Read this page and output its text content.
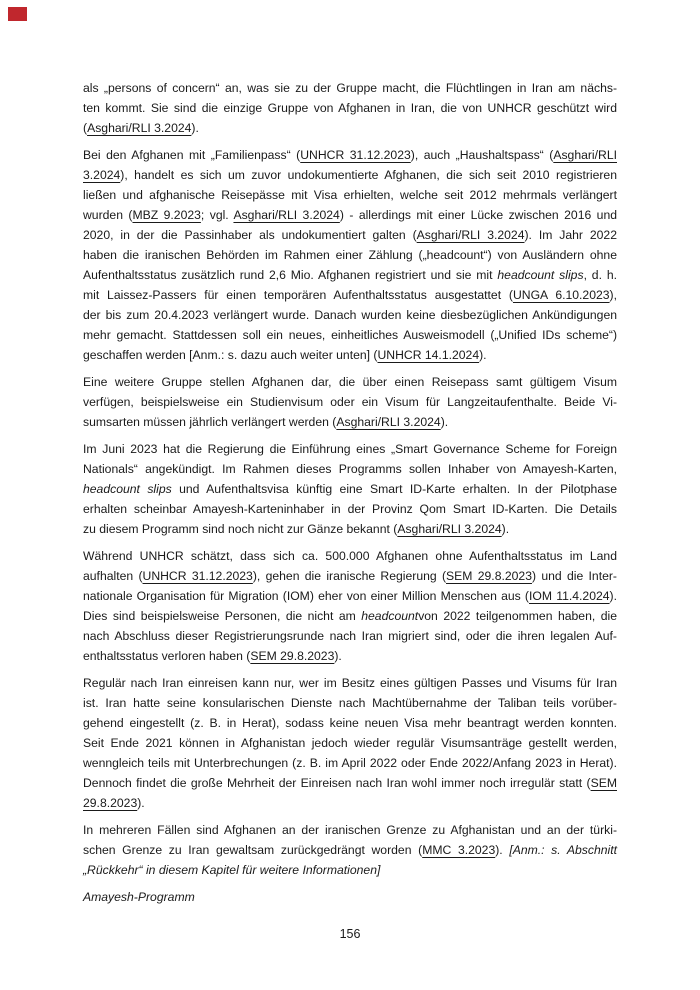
als „persons of concern“ an, was sie zu der Gruppe macht, die Flüchtlingen in Iran am nächs-
ten kommt. Sie sind die einzige Gruppe von Afghanen in Iran, die von UNHCR geschützt wird
(Asghari/RLI 3.2024).
Bei den Afghanen mit „Familienpass“ (UNHCR 31.12.2023), auch „Haushaltspass“ (Asghari/RLI
3.2024), handelt es sich um zuvor undokumentierte Afghanen, die sich seit 2010 registrieren
ließen und afghanische Reisepässe mit Visa erhielten, welche seit 2012 mehrmals verlängert
wurden (MBZ 9.2023; vgl. Asghari/RLI 3.2024) - allerdings mit einer Lücke zwischen 2016 und
2020, in der die Passinhaber als undokumentiert galten (Asghari/RLI 3.2024). Im Jahr 2022
haben die iranischen Behörden im Rahmen einer Zählung („headcount“) von Ausländern ohne
Aufenthaltsstatus zusätzlich rund 2,6 Mio. Afghanen registriert und sie mit headcount slips, d. h.
mit Laissez-Passers für einen temporären Aufenthaltsstatus ausgestattet (UNGA 6.10.2023),
der bis zum 20.4.2023 verlängert wurde. Danach wurden keine diesbezüglichen Ankündigungen
mehr gemacht. Stattdessen soll ein neues, einheitliches Ausweismodell („Unified IDs scheme“)
geschaffen werden [Anm.: s. dazu auch weiter unten] (UNHCR 14.1.2024).
Eine weitere Gruppe stellen Afghanen dar, die über einen Reisepass samt gültigem Visum
verfügen, beispielsweise ein Studienvisum oder ein Visum für Langzeitaufenthalte. Beide Vi-
sumsarten müssen jährlich verlängert werden (Asghari/RLI 3.2024).
Im Juni 2023 hat die Regierung die Einführung eines „Smart Governance Scheme for Foreign
Nationals“ angekündigt. Im Rahmen dieses Programms sollen Inhaber von Amayesh-Karten,
headcount slips und Aufenthaltsvisa künftig eine Smart ID-Karte erhalten. In der Pilotphase
erhalten scheinbar Amayesh-Karteninhaber in der Provinz Qom Smart ID-Karten. Die Details
zu diesem Programm sind noch nicht zur Gänze bekannt (Asghari/RLI 3.2024).
Während UNHCR schätzt, dass sich ca. 500.000 Afghanen ohne Aufenthaltsstatus im Land
aufhalten (UNHCR 31.12.2023), gehen die iranische Regierung (SEM 29.8.2023) und die Inter-
nationale Organisation für Migration (IOM) eher von einer Million Menschen aus (IOM 11.4.2024).
Dies sind beispielsweise Personen, die nicht am headcountvon 2022 teilgenommen haben, die
nach Abschluss dieser Registrierungsrunde nach Iran migriert sind, oder die ihren legalen Auf-
enthaltsstatus verloren haben (SEM 29.8.2023).
Regulär nach Iran einreisen kann nur, wer im Besitz eines gültigen Passes und Visums für Iran
ist. Iran hatte seine konsularischen Dienste nach Machtübernahme der Taliban teils vorüber-
gehend eingestellt (z. B. in Herat), sodass keine neuen Visa mehr beantragt werden konnten.
Seit Ende 2021 können in Afghanistan jedoch wieder regulär Visumsanträge gestellt werden,
wenngleich teils mit Unterbrechungen (z. B. im April 2022 oder Ende 2022/Anfang 2023 in Herat).
Dennoch findet die große Mehrheit der Einreisen nach Iran wohl immer noch irregulär statt (SEM
29.8.2023).
In mehreren Fällen sind Afghanen an der iranischen Grenze zu Afghanistan und an der türki-
schen Grenze zu Iran gewaltsam zurückgedrängt worden (MMC 3.2023). [Anm.: s. Abschnitt
„Rückkehr“ in diesem Kapitel für weitere Informationen]
Amayesh-Programm
156
